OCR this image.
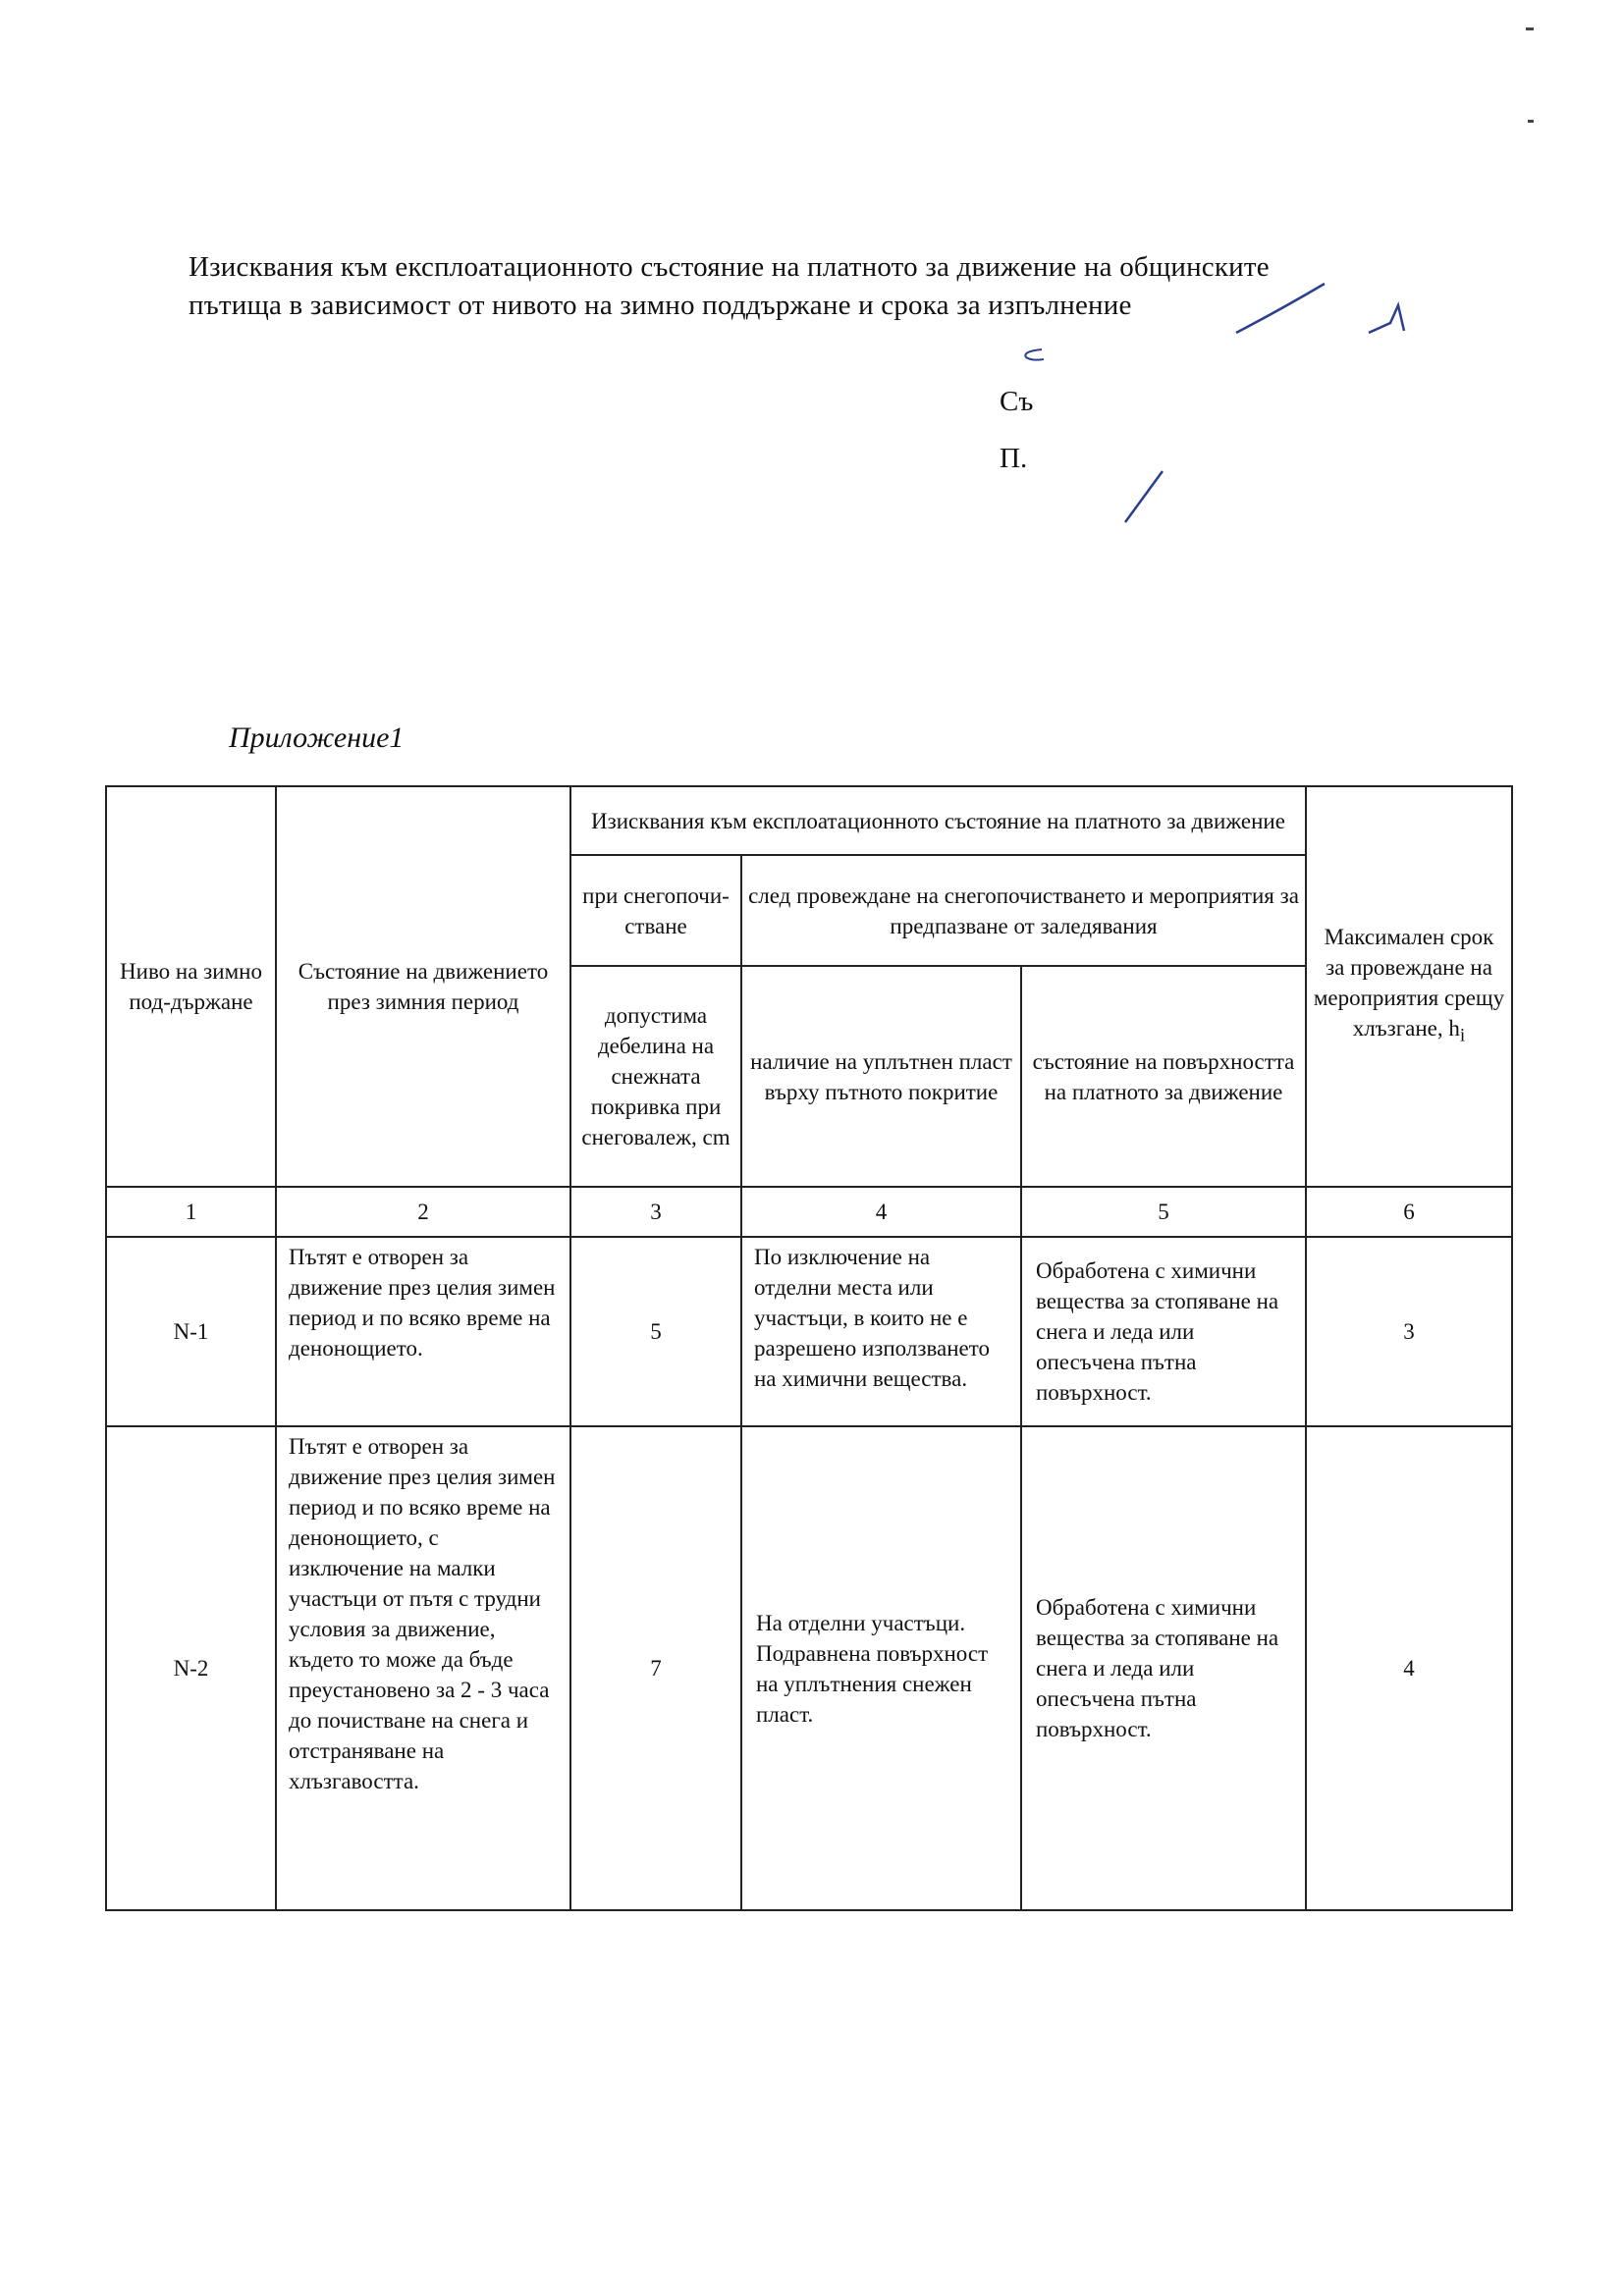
Изисквания към експлоатационното състояние на платното за движение на общинските
пътища в зависимост от нивото на зимно поддържане и срока за изпълнение
Съ
П.
Приложение1
Ниво на зимно под-държане	Състояние на движението през зимния период	Изисквания към експлоатационното състояние на платното за движение			Максимален срок за провеждане на мероприятия срещу хлъзгане, $h_i$
		при снегопочи-стване	след провеждане на снегопочистването и мероприятия за предпазване от заледявания		
		допустима дебелина на снежната покривка при снеговалеж, cm	наличие на уплътнен пласт върху пътното покритие	състояние на повърхността на платното за движение	
1	2	3	4	5	6
N-1	Пътят е отворен за движение през целия зимен период и по всяко време на денонощието.	5	По изключение на отделни места или участъци, в които не е разрешено използването на химични вещества.	Обработена с химични вещества за стопяване на снега и леда или опесъчена пътна повърхност.	3
N-2	Пътят е отворен за движение през целия зимен период и по всяко време на денонощието, с изключение на малки участъци от пътя с трудни условия за движение, където то може да бъде преустановено за 2 - 3 часа до почистване на снега и отстраняване на хлъзгавостта.	7	На отделни участъци. Подравнена повърхност на уплътнения снежен пласт.	Обработена с химични вещества за стопяване на снега и леда или опесъчена пътна повърхност.	4
